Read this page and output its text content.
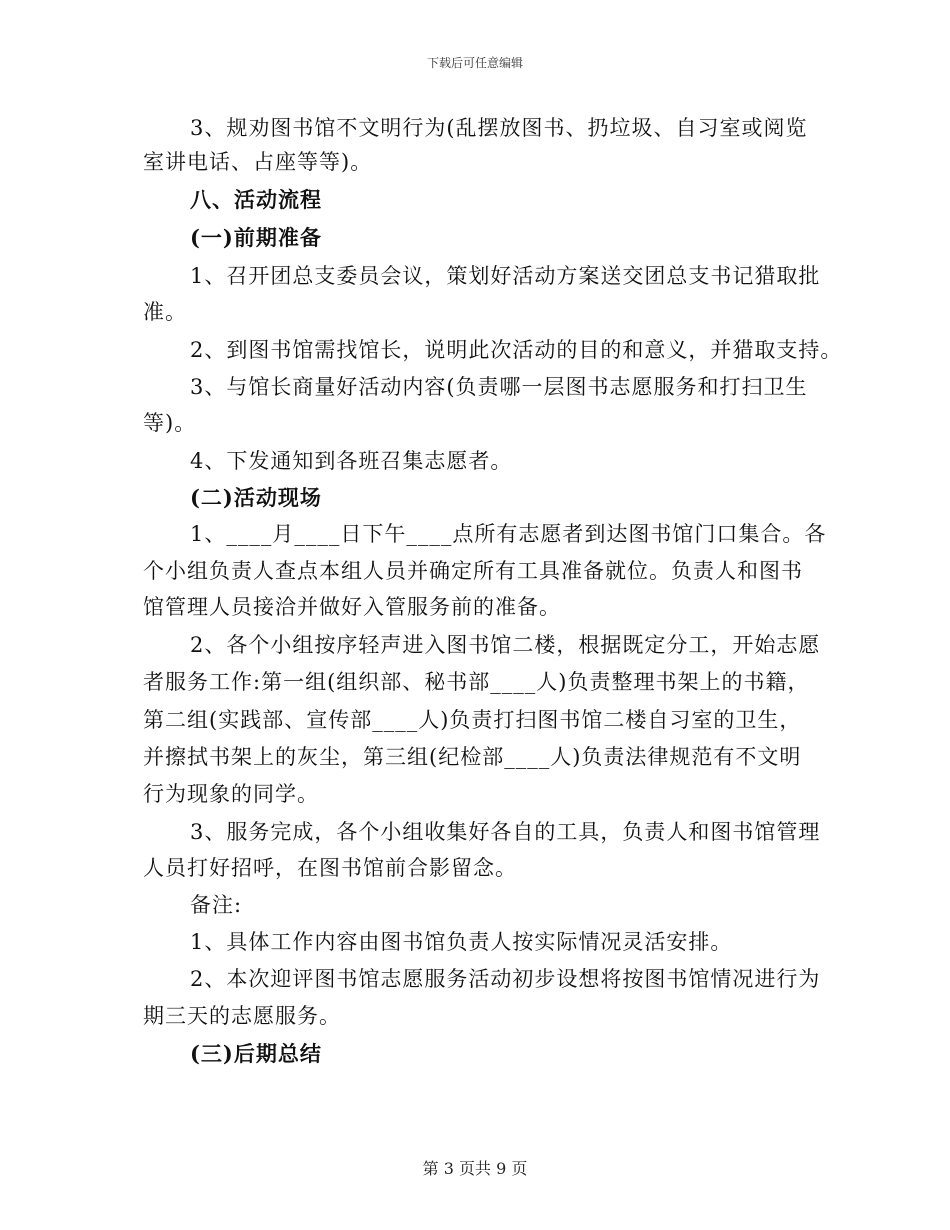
下载后可任意编辑
3、规劝图书馆不文明行为(乱摆放图书、扔垃圾、自习室或阅览
室讲电话、占座等等)。
八、活动流程
(一)前期准备
1、召开团总支委员会议，策划好活动方案送交团总支书记猎取批
准。
2、到图书馆需找馆长，说明此次活动的目的和意义，并猎取支持。
3、与馆长商量好活动内容(负责哪一层图书志愿服务和打扫卫生
等)。
4、下发通知到各班召集志愿者。
(二)活动现场
1、____月____日下午____点所有志愿者到达图书馆门口集合。各
个小组负责人查点本组人员并确定所有工具准备就位。负责人和图书
馆管理人员接洽并做好入管服务前的准备。
2、各个小组按序轻声进入图书馆二楼，根据既定分工，开始志愿
者服务工作:第一组(组织部、秘书部____人)负责整理书架上的书籍，
第二组(实践部、宣传部____人)负责打扫图书馆二楼自习室的卫生，
并擦拭书架上的灰尘，第三组(纪检部____人)负责法律规范有不文明
行为现象的同学。
3、服务完成，各个小组收集好各自的工具，负责人和图书馆管理
人员打好招呼，在图书馆前合影留念。
备注:
1、具体工作内容由图书馆负责人按实际情况灵活安排。
2、本次迎评图书馆志愿服务活动初步设想将按图书馆情况进行为
期三天的志愿服务。
(三)后期总结
第 3 页共 9 页
